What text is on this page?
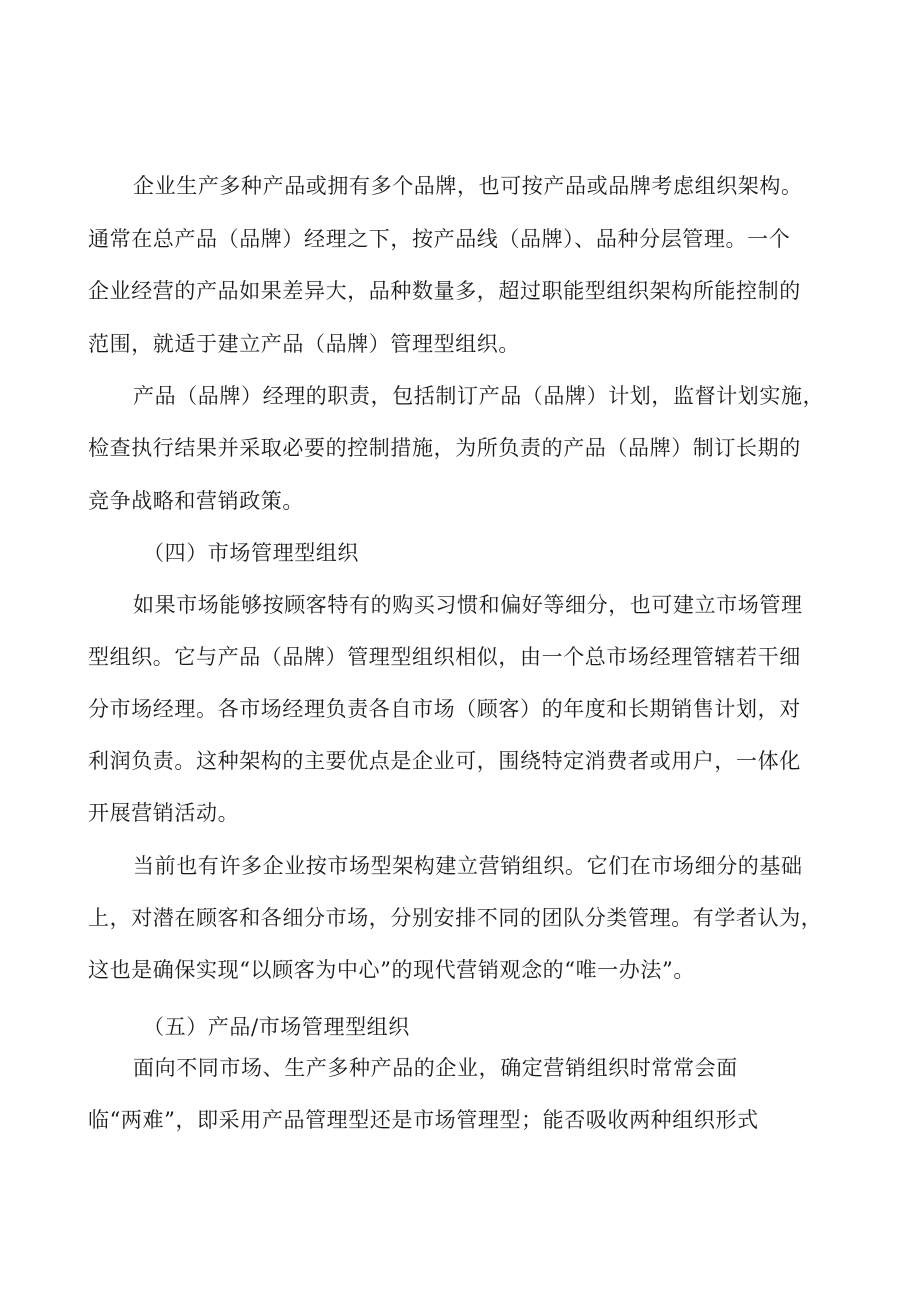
企业生产多种产品或拥有多个品牌，也可按产品或品牌考虑组织架构。
通常在总产品（品牌）经理之下，按产品线（品牌）、品种分层管理。一个
企业经营的产品如果差异大，品种数量多，超过职能型组织架构所能控制的
范围，就适于建立产品（品牌）管理型组织。
产品（品牌）经理的职责，包括制订产品（品牌）计划，监督计划实施，
检查执行结果并采取必要的控制措施，为所负责的产品（品牌）制订长期的
竞争战略和营销政策。
（四）市场管理型组织
如果市场能够按顾客特有的购买习惯和偏好等细分，也可建立市场管理
型组织。它与产品（品牌）管理型组织相似，由一个总市场经理管辖若干细
分市场经理。各市场经理负责各自市场（顾客）的年度和长期销售计划，对
利润负责。这种架构的主要优点是企业可，围绕特定消费者或用户，一体化
开展营销活动。
当前也有许多企业按市场型架构建立营销组织。它们在市场细分的基础
上，对潜在顾客和各细分市场，分别安排不同的团队分类管理。有学者认为，
这也是确保实现“以顾客为中心”的现代营销观念的“唯一办法”。
（五）产品/市场管理型组织
面向不同市场、生产多种产品的企业，确定营销组织时常常会面
临“两难”，即采用产品管理型还是市场管理型；能否吸收两种组织形式
